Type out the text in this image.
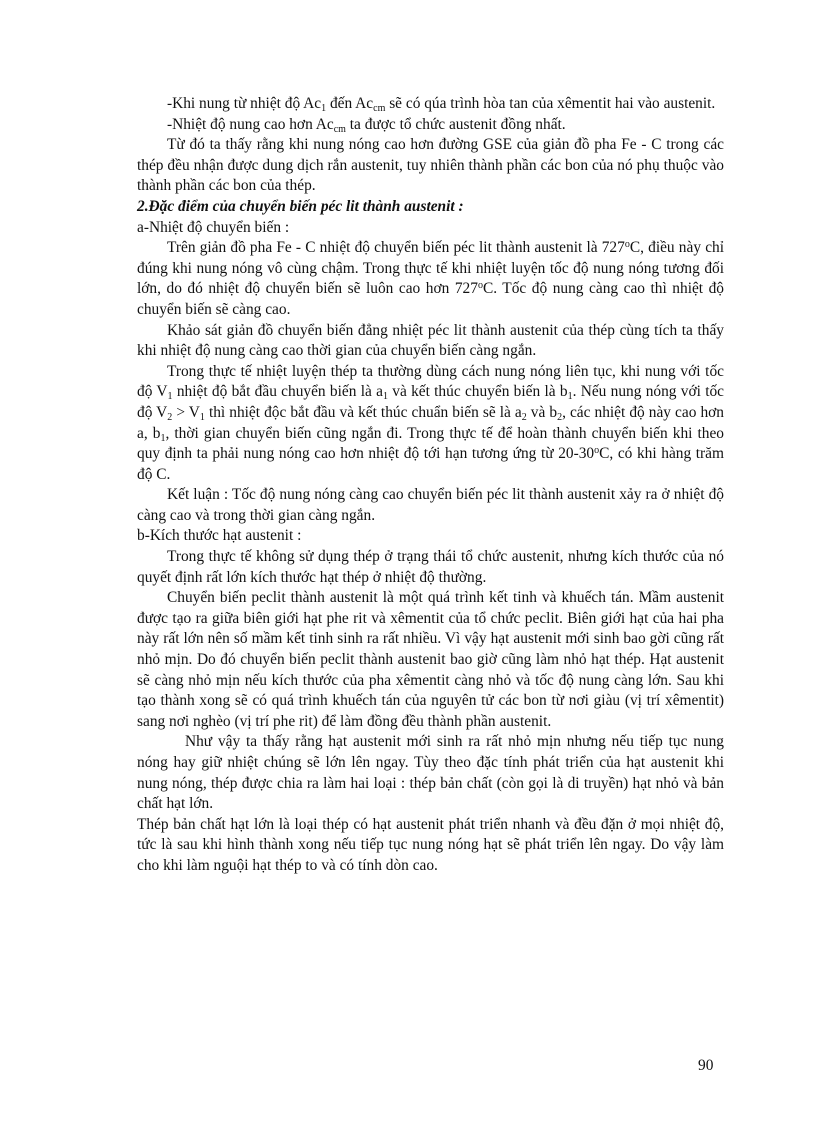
-Khi nung từ nhiệt độ $Ac_1$ đến $Ac_{cm}$ sẽ có qúa trình hòa tan của xêmentit hai vào austenit.

-Nhiệt độ nung cao hơn $Ac_{cm}$ ta được tổ chức austenit đồng nhất.

Từ đó ta thấy rằng khi nung nóng cao hơn đường GSE của giản đồ pha Fe - C trong các thép đều nhận được dung dịch rắn austenit, tuy nhiên thành phần các bon của nó phụ thuộc vào thành phần các bon của thép.

2.Đặc điểm của chuyển biến péc lit thành austenit :

a-Nhiệt độ chuyển biến :

Trên giản đồ pha Fe - C nhiệt độ chuyển biến péc lit thành austenit là 727$^o$C, điều này chỉ đúng khi nung nóng vô cùng chậm. Trong thực tế khi nhiệt luyện tốc độ nung nóng tương đối lớn, do đó nhiệt độ chuyển biến sẽ luôn cao hơn 727$^o$C. Tốc độ nung càng cao thì nhiệt độ chuyển biến sẽ càng cao.

Khảo sát giản đồ chuyển biến đẳng nhiệt péc lit thành austenit của thép cùng tích ta thấy khi nhiệt độ nung càng cao thời gian của chuyển biến càng ngắn.

Trong thực tế nhiệt luyện thép ta thường dùng cách nung nóng liên tục, khi nung với tốc độ $V_1$ nhiệt độ bắt đầu chuyển biến là $a_1$ và kết thúc chuyển biến là $b_1$. Nếu nung nóng với tốc độ $V_2 > V_1$ thì nhiệt độc bắt đầu và kết thúc chuẩn biến sẽ là $a_2$ và $b_2$, các nhiệt độ này cao hơn a, $b_1$, thời gian chuyển biến cũng ngắn đi. Trong thực tế để hoàn thành chuyển biến khi theo quy định ta phải nung nóng cao hơn nhiệt độ tới hạn tương ứng từ 20-30$^o$C, có khi hàng trăm độ C.

Kết luận : Tốc độ nung nóng càng cao chuyển biến péc lit thành austenit xảy ra ở nhiệt độ càng cao và trong thời gian càng ngắn.

b-Kích thước hạt austenit :

Trong thực tế không sử dụng thép ở trạng thái tổ chức austenit, nhưng kích thước của nó quyết định rất lớn kích thước hạt thép ở nhiệt độ thường.

Chuyển biến peclit thành austenit là một quá trình kết tinh và khuếch tán. Mầm austenit được tạo ra giữa biên giới hạt phe rit và xêmentit của tổ chức peclit. Biên giới hạt của hai pha này rất lớn nên số mầm kết tinh sinh ra rất nhiều. Vì vậy hạt austenit mới sinh bao gời cũng rất nhỏ mịn. Do đó chuyển biến peclit thành austenit bao giờ cũng làm nhỏ hạt thép. Hạt austenit sẽ càng nhỏ mịn nếu kích thước của pha xêmentit càng nhỏ và tốc độ nung càng lớn. Sau khi tạo thành xong sẽ có quá trình khuếch tán của nguyên tử các bon từ nơi giàu (vị trí xêmentit) sang nơi nghèo (vị trí phe rit) để làm đồng đều thành phần austenit.

Như vậy ta thấy rằng hạt austenit mới sinh ra rất nhỏ mịn nhưng nếu tiếp tục nung nóng hay giữ nhiệt chúng sẽ lớn lên ngay. Tùy theo đặc tính phát triển của hạt austenit khi nung nóng, thép được chia ra làm hai loại : thép bản chất (còn gọi là di truyền) hạt nhỏ và bản chất hạt lớn.

Thép bản chất hạt lớn là loại thép có hạt austenit phát triển nhanh và đều đặn ở mọi nhiệt độ, tức là sau khi hình thành xong nếu tiếp tục nung nóng hạt sẽ phát triển lên ngay. Do vậy làm cho khi làm nguội hạt thép to và có tính dòn cao.

90
